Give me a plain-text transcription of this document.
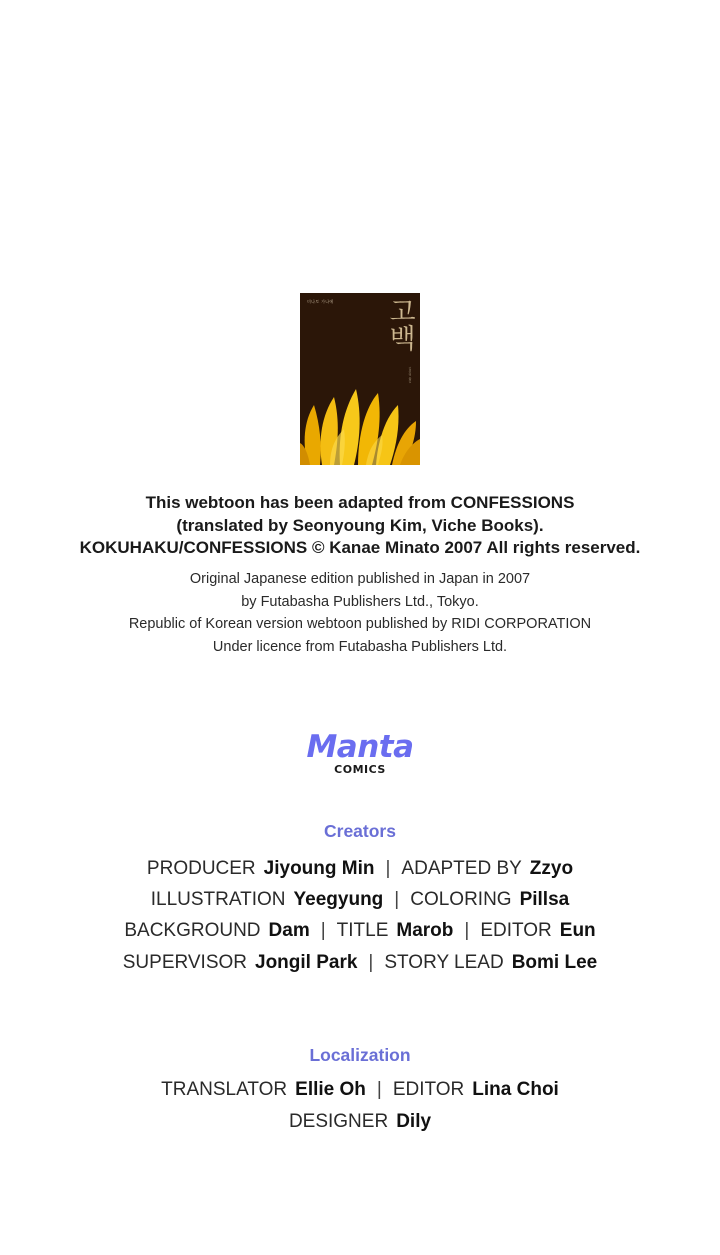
미나토 가나에 고백
김선영 옮김
This webtoon has been adapted from CONFESSIONS
(translated by Seonyoung Kim, Viche Books).
KOKUHAKU/CONFESSIONS © Kanae Minato 2007 All rights reserved.
Original Japanese edition published in Japan in 2007
by Futabasha Publishers Ltd., Tokyo.
Republic of Korean version webtoon published by RIDI CORPORATION
Under licence from Futabasha Publishers Ltd.
Manta
COMICS
Creators
PRODUCER Jiyoung Min | ADAPTED BY Zzyo
ILLUSTRATION Yeegyung | COLORING Pillsa
BACKGROUND Dam | TITLE Marob | EDITOR Eun
SUPERVISOR Jongil Park | STORY LEAD Bomi Lee
Localization
TRANSLATOR Ellie Oh | EDITOR Lina Choi
DESIGNER Dily
